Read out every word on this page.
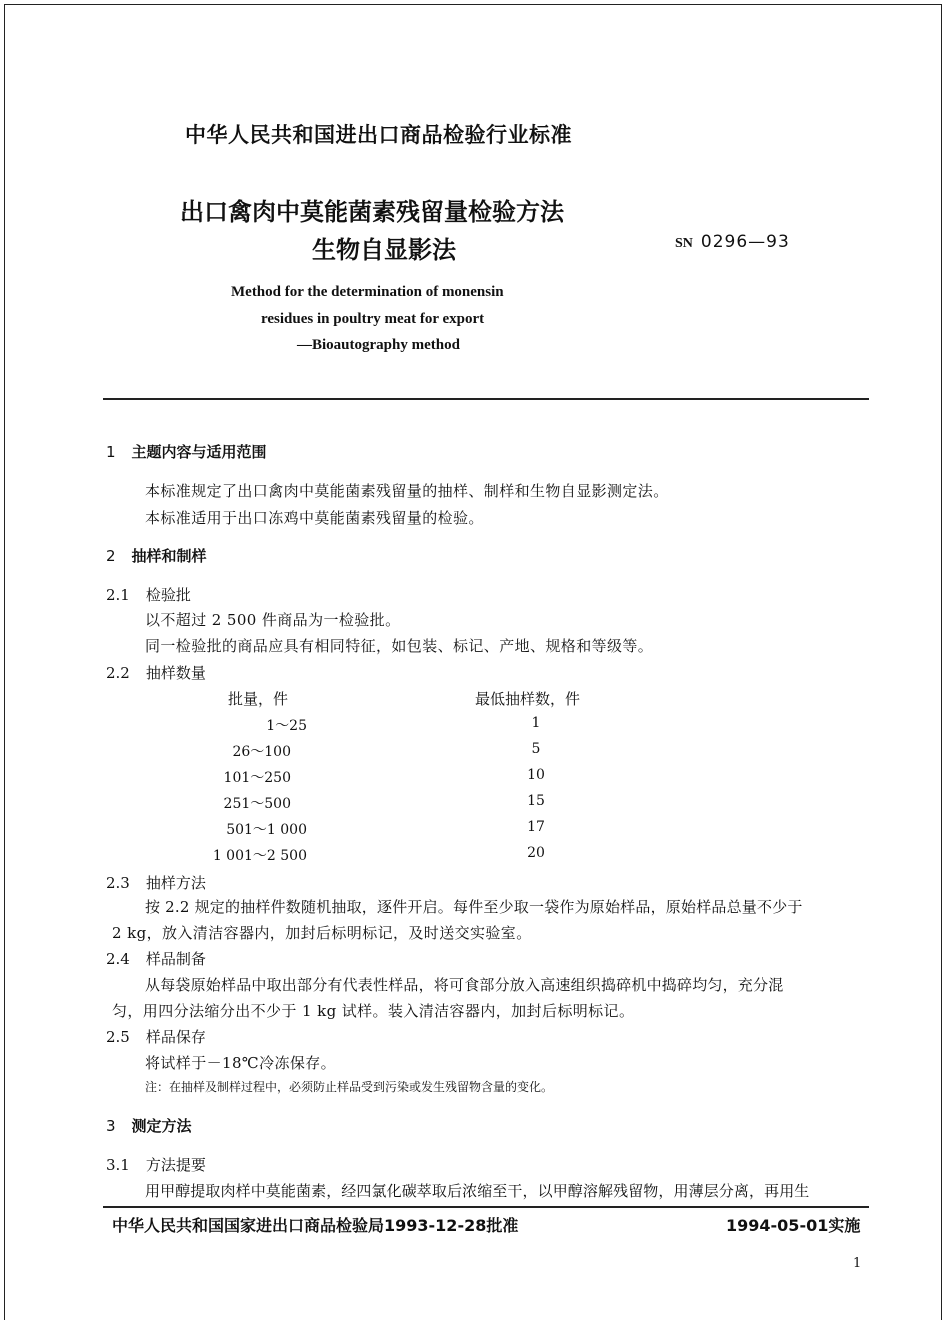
中华人民共和国进出口商品检验行业标准
出口禽肉中莫能菌素残留量检验方法
生物自显影法	SN 0296—93
Method for the determination of monensin
residues in poultry meat for export
—Bioautography method
1 主题内容与适用范围
本标准规定了出口禽肉中莫能菌素残留量的抽样、制样和生物自显影测定法。
本标准适用于出口冻鸡中莫能菌素残留量的检验。
2 抽样和制样
2.1 检验批
以不超过 2 500 件商品为一检验批。
同一检验批的商品应具有相同特征，如包装、标记、产地、规格和等级等。
2.2 抽样数量
批量，件	最低抽样数，件
1～25	1
26～100	5
101～250	10
251～500	15
501～1 000	17
1 001～2 500	20
2.3 抽样方法
按 2.2 规定的抽样件数随机抽取，逐件开启。每件至少取一袋作为原始样品，原始样品总量不少于
2 kg，放入清洁容器内，加封后标明标记，及时送交实验室。
2.4 样品制备
从每袋原始样品中取出部分有代表性样品，将可食部分放入高速组织捣碎机中捣碎均匀，充分混
匀，用四分法缩分出不少于 1 kg 试样。装入清洁容器内，加封后标明标记。
2.5 样品保存
将试样于－18℃冷冻保存。
注：在抽样及制样过程中，必须防止样品受到污染或发生残留物含量的变化。
3 测定方法
3.1 方法提要
用甲醇提取肉样中莫能菌素，经四氯化碳萃取后浓缩至干，以甲醇溶解残留物，用薄层分离，再用生
中华人民共和国国家进出口商品检验局1993-12-28批准	1994-05-01实施
1
